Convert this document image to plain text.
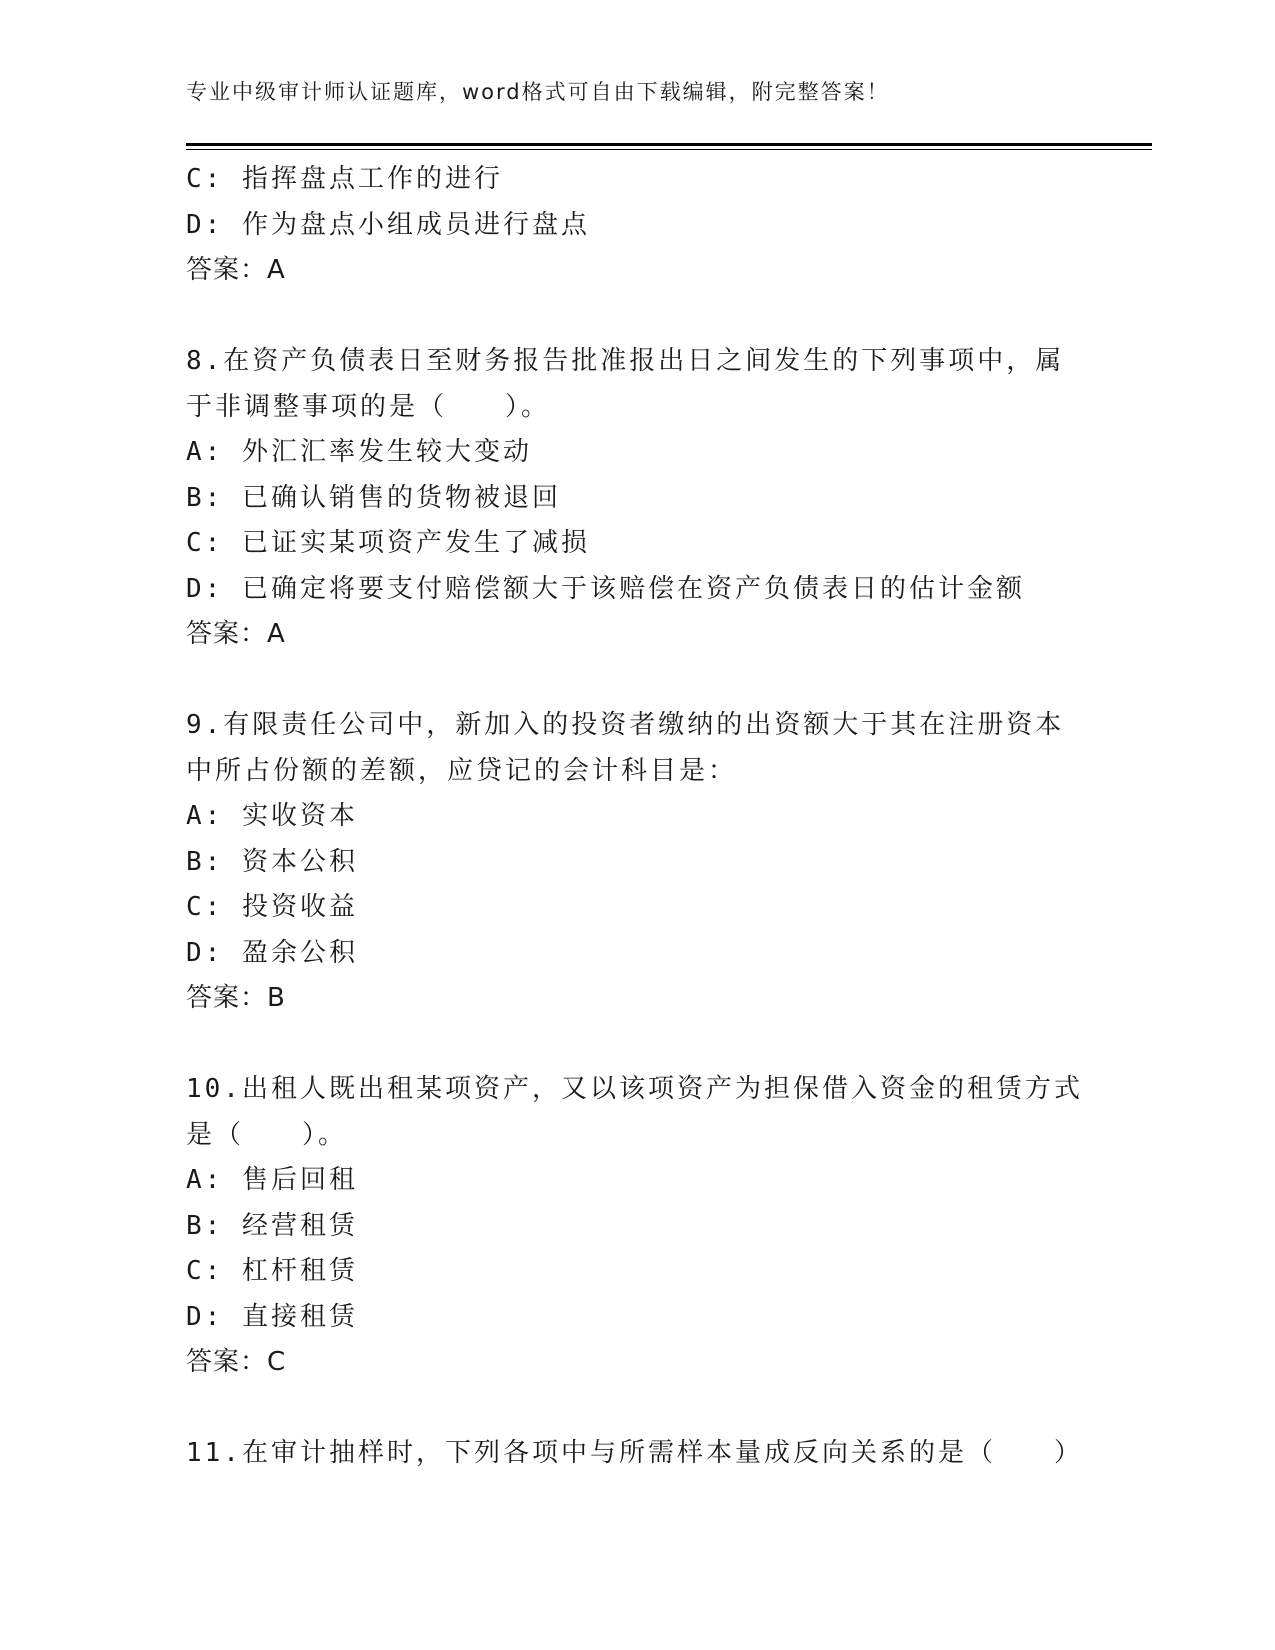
专业中级审计师认证题库，word格式可自由下载编辑，附完整答案！
C: 指挥盘点工作的进行
D: 作为盘点小组成员进行盘点
答案：A
8.在资产负债表日至财务报告批准报出日之间发生的下列事项中，属
于非调整事项的是（　　）。
A: 外汇汇率发生较大变动
B: 已确认销售的货物被退回
C: 已证实某项资产发生了减损
D: 已确定将要支付赔偿额大于该赔偿在资产负债表日的估计金额
答案：A
9.有限责任公司中，新加入的投资者缴纳的出资额大于其在注册资本
中所占份额的差额，应贷记的会计科目是：
A: 实收资本
B: 资本公积
C: 投资收益
D: 盈余公积
答案：B
10.出租人既出租某项资产，又以该项资产为担保借入资金的租赁方式
是（　　）。
A: 售后回租
B: 经营租赁
C: 杠杆租赁
D: 直接租赁
答案：C
11.在审计抽样时，下列各项中与所需样本量成反向关系的是（　　）
